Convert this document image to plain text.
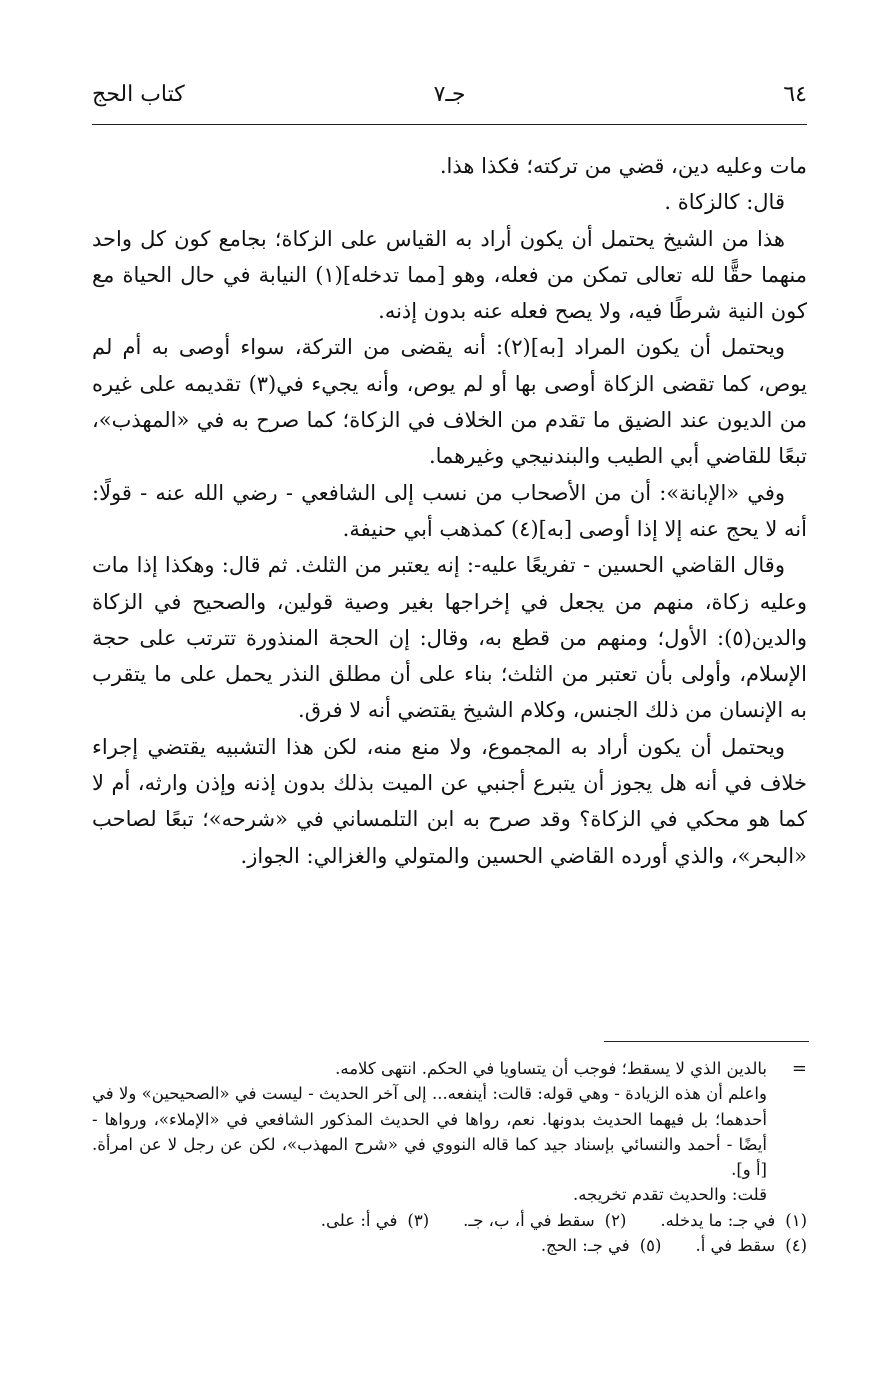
٦٤
جـ٧
كتاب الحج

مات وعليه دين، قضي من تركته؛ فكذا هذا.

قال: كالزكاة .

هذا من الشيخ يحتمل أن يكون أراد به القياس على الزكاة؛ بجامع كون كل واحد منهما حقًّا لله تعالى تمكن من فعله، وهو [مما تدخله](١) النيابة في حال الحياة مع كون النية شرطًا فيه، ولا يصح فعله عنه بدون إذنه.

ويحتمل أن يكون المراد [به](٢): أنه يقضى من التركة، سواء أوصى به أم لم يوص، كما تقضى الزكاة أوصى بها أو لم يوص، وأنه يجيء في(٣) تقديمه على غيره من الديون عند الضيق ما تقدم من الخلاف في الزكاة؛ كما صرح به في «المهذب»، تبعًا للقاضي أبي الطيب والبندنيجي وغيرهما.

وفي «الإبانة»: أن من الأصحاب من نسب إلى الشافعي - رضي الله عنه - قولًا: أنه لا يحج عنه إلا إذا أوصى [به](٤) كمذهب أبي حنيفة.

وقال القاضي الحسين - تفريعًا عليه-: إنه يعتبر من الثلث. ثم قال: وهكذا إذا مات وعليه زكاة، منهم من يجعل في إخراجها بغير وصية قولين، والصحيح في الزكاة والدين(٥): الأول؛ ومنهم من قطع به، وقال: إن الحجة المنذورة تترتب على حجة الإسلام، وأولى بأن تعتبر من الثلث؛ بناء على أن مطلق النذر يحمل على ما يتقرب به الإنسان من ذلك الجنس، وكلام الشيخ يقتضي أنه لا فرق.

ويحتمل أن يكون أراد به المجموع، ولا منع منه، لكن هذا التشبيه يقتضي إجراء خلاف في أنه هل يجوز أن يتبرع أجنبي عن الميت بذلك بدون إذنه وإذن وارثه، أم لا كما هو محكي في الزكاة؟ وقد صرح به ابن التلمساني في «شرحه»؛ تبعًا لصاحب «البحر»، والذي أورده القاضي الحسين والمتولي والغزالي: الجواز.

=

بالدين الذي لا يسقط؛ فوجب أن يتساويا في الحكم. انتهى كلامه.

واعلم أن هذه الزيادة - وهي قوله: قالت: أينفعه... إلى آخر الحديث - ليست في «الصحيحين» ولا في أحدهما؛ بل فيهما الحديث بدونها. نعم، رواها في الحديث المذكور الشافعي في «الإملاء»، ورواها - أيضًا - أحمد والنسائي بإسناد جيد كما قاله النووي في «شرح المهذب»، لكن عن رجل لا عن امرأة. [أ و].

قلت: والحديث تقدم تخريجه.

(١)
في جـ: ما يدخله.
(٢)
سقط في أ، ب، جـ.
(٣)
في أ: على.
(٤)
سقط في أ.
(٥)
في جـ: الحج.
